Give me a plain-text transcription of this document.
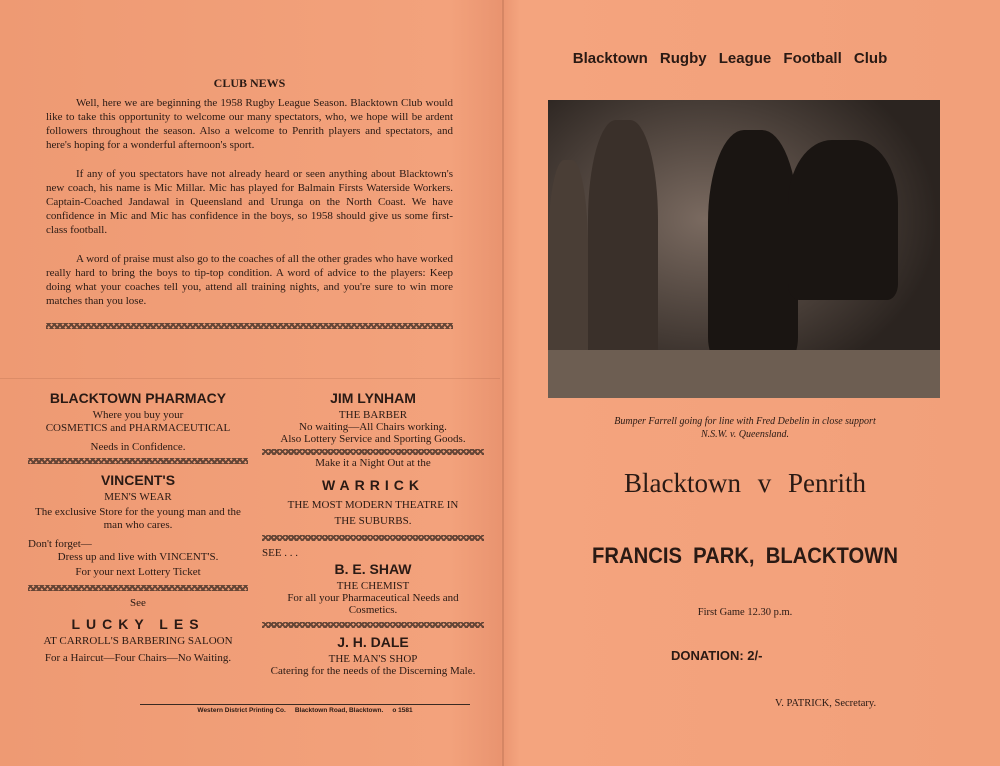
CLUB NEWS

Well, here we are beginning the 1958 Rugby League Season. Blacktown Club would like to take this opportunity to welcome our many spectators, who, we hope will be ardent followers throughout the season. Also a welcome to Penrith players and spectators, and here's hoping for a wonderful afternoon's sport.

If any of you spectators have not already heard or seen anything about Blacktown's new coach, his name is Mic Millar. Mic has played for Balmain Firsts Waterside Workers. Captain-Coached Jandawal in Queensland and Urunga on the North Coast. We have confidence in Mic and Mic has confidence in the boys, so 1958 should give us some first-class football.

A word of praise must also go to the coaches of all the other grades who have worked really hard to bring the boys to tip-top condition. A word of advice to the players: Keep doing what your coaches tell you, attend all training nights, and you're sure to win more matches than you lose.

BLACKTOWN PHARMACY
Where you buy your
COSMETICS and PHARMACEUTICAL
Needs in Confidence.
VINCENT'S
MEN'S WEAR
The exclusive Store for the young man and the man who cares.
Don't forget—
Dress up and live with VINCENT'S.
For your next Lottery Ticket
See
LUCKY LES
AT CARROLL'S BARBERING SALOON
For a Haircut—Four Chairs—No Waiting.
JIM LYNHAM
THE BARBER
No waiting—All Chairs working.
Also Lottery Service and Sporting Goods.
Make it a Night Out at the
WARRICK
THE MOST MODERN THEATRE IN
THE SUBURBS.
SEE . . .
B. E. SHAW
THE CHEMIST
For all your Pharmaceutical Needs and Cosmetics.
J. H. DALE
THE MAN'S SHOP
Catering for the needs of the Discerning Male.
Western District Printing Co.     Blacktown Road, Blacktown.     o 1581
Blacktown Rugby League Football Club
Bumper Farrell going for line with Fred Debelin in close support
N.S.W. v. Queensland.
Blacktown v Penrith
FRANCIS PARK, BLACKTOWN
First Game 12.30 p.m.
DONATION: 2/-
V. PATRICK, Secretary.
